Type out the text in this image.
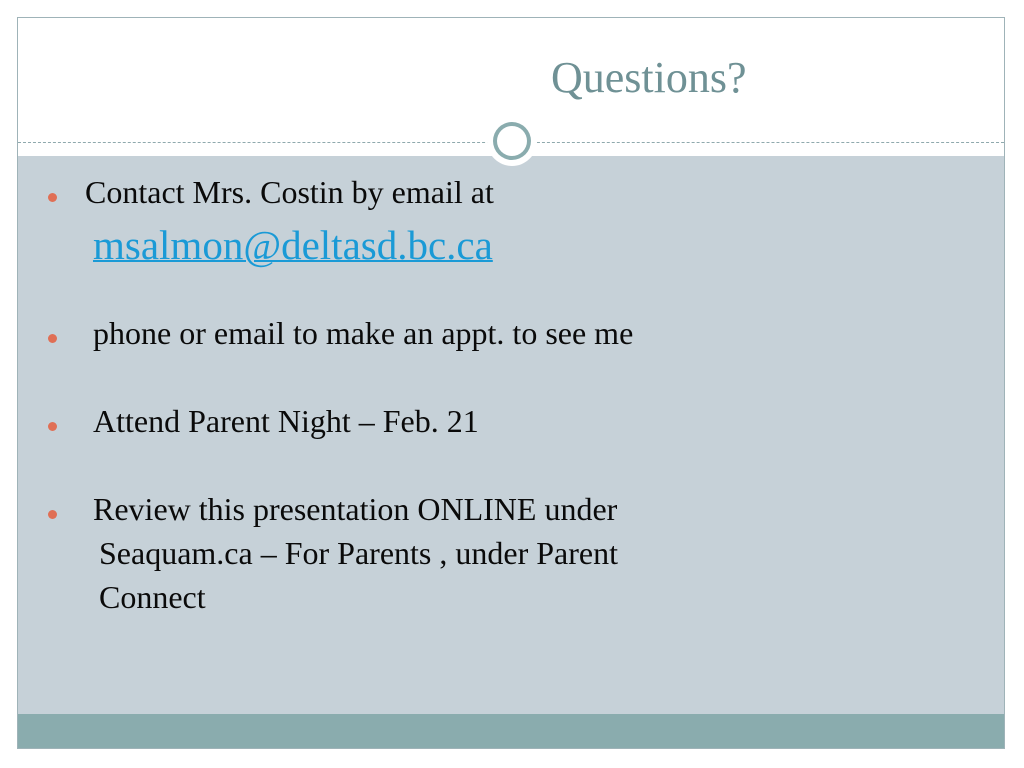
Questions?
Contact Mrs. Costin by email at
msalmon@deltasd.bc.ca
phone or email to make an appt. to see me
Attend Parent Night – Feb. 21
Review this presentation ONLINE under
Seaquam.ca – For Parents , under Parent
Connect
